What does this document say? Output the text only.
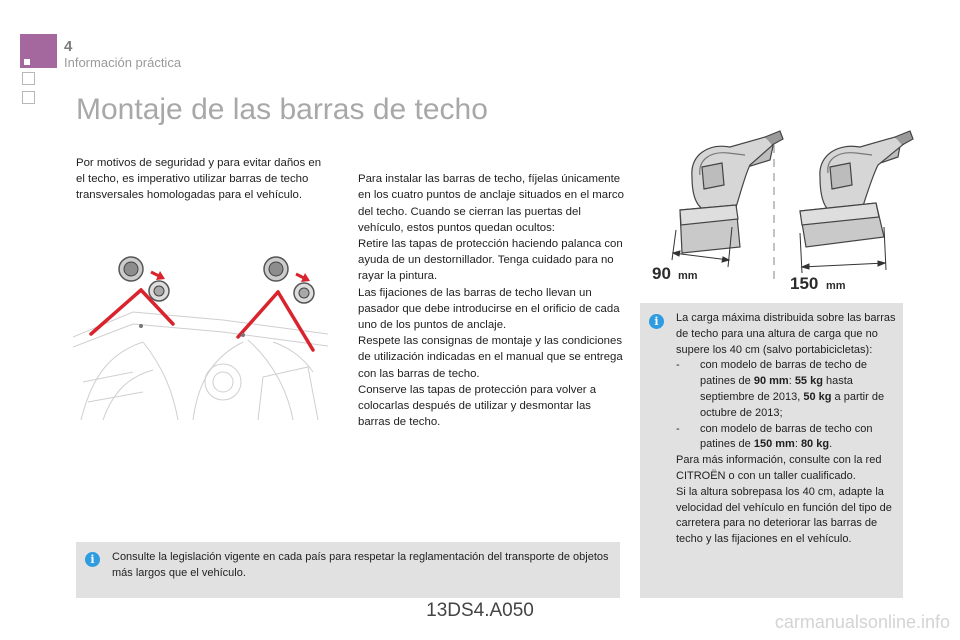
4
Información práctica
Montaje de las barras de techo
Por motivos de seguridad y para evitar daños en el techo, es imperativo utilizar barras de techo transversales homologadas para el vehículo.

Para instalar las barras de techo, fíjelas únicamente en los cuatro puntos de anclaje situados en el marco del techo. Cuando se cierran las puertas del vehículo, estos puntos quedan ocultos:
Retire las tapas de protección haciendo palanca con ayuda de un destornillador. Tenga cuidado para no rayar la pintura.
Las fijaciones de las barras de techo llevan un pasador que debe introducirse en el orificio de cada uno de los puntos de anclaje.
Respete las consignas de montaje y las condiciones de utilización indicadas en el manual que se entrega con las barras de techo.
Conserve las tapas de protección para volver a colocarlas después de utilizar y desmontar las barras de techo.

90 mm	150 mm
i	La carga máxima distribuida sobre las barras de techo para una altura de carga que no supere los 40 cm (salvo portabicicletas):
-	con modelo de barras de techo de patines de 90 mm: 55 kg hasta septiembre de 2013, 50 kg a partir de octubre de 2013;
-	con modelo de barras de techo con patines de 150 mm: 80 kg.
Para más información, consulte con la red CITROËN o con un taller cualificado.
Si la altura sobrepasa los 40 cm, adapte la velocidad del vehículo en función del tipo de carretera para no deteriorar las barras de techo y las fijaciones en el vehículo.
i	Consulte la legislación vigente en cada país para respetar la reglamentación del transporte de objetos más largos que el vehículo.
13DS4.A050
carmanualsonline.info
